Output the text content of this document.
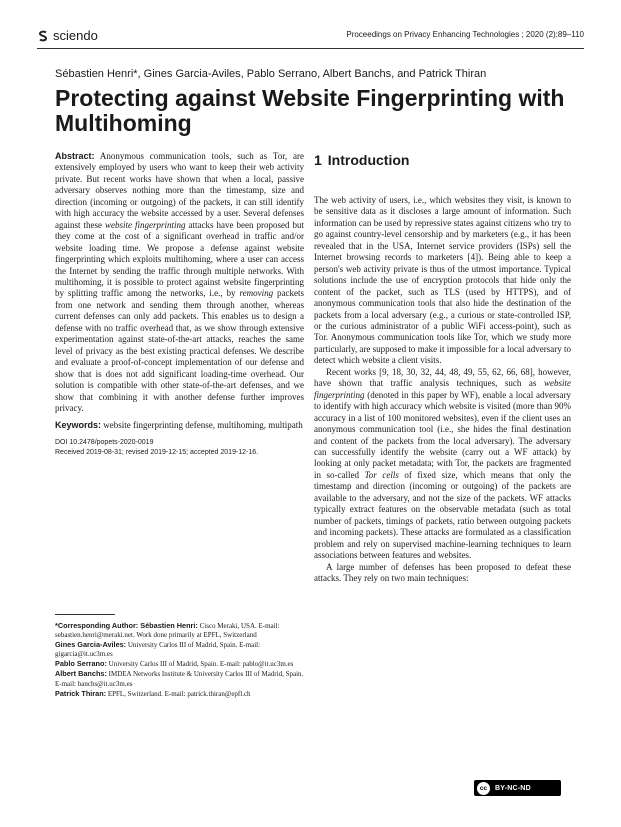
sciendo	Proceedings on Privacy Enhancing Technologies ; 2020 (2):89–110
Sébastien Henri*, Gines Garcia-Aviles, Pablo Serrano, Albert Banchs, and Patrick Thiran
Protecting against Website Fingerprinting with Multihoming

Abstract: Anonymous communication tools, such as Tor, are extensively employed by users who want to keep their web activity private. But recent works have shown that when a local, passive adversary observes nothing more than the timestamp, size and direction (incoming or outgoing) of the packets, it can still identify with high accuracy the website accessed by a user. Several defenses against these website fingerprinting attacks have been proposed but they come at the cost of a significant overhead in traffic and/or website loading time. We propose a defense against website fingerprinting which exploits multihoming, where a user can access the Internet by sending the traffic through multiple networks. With multihoming, it is possible to protect against website fingerprinting by splitting traffic among the networks, i.e., by removing packets from one network and sending them through another, whereas current defenses can only add packets. This enables us to design a defense with no traffic overhead that, as we show through extensive experimentation against state-of-the-art attacks, reaches the same level of privacy as the best existing practical defenses. We describe and evaluate a proof-of-concept implementation of our defense and show that is does not add significant loading-time overhead. Our solution is compatible with other state-of-the-art defenses, and we show that combining it with another defense further improves privacy.

Keywords: website fingerprinting defense, multihoming, multipath

DOI 10.2478/popets-2020-0019
Received 2019-08-31; revised 2019-12-15; accepted 2019-12-16.

*Corresponding Author: Sébastien Henri: Cisco Meraki, USA. E-mail: sebastien.henri@meraki.net. Work done primarily at EPFL, Switzerland

Gines Garcia-Aviles: University Carlos III of Madrid, Spain. E-mail: gigarcia@it.uc3m.es

Pablo Serrano: University Carlos III of Madrid, Spain. E-mail: pablo@it.uc3m.es

Albert Banchs: IMDEA Networks Institute & University Carlos III of Madrid, Spain. E-mail: banchs@it.uc3m.es

Patrick Thiran: EPFL, Switzerland. E-mail: patrick.thiran@epfl.ch

1 Introduction

The web activity of users, i.e., which websites they visit, is known to be sensitive data as it discloses a large amount of information. Such information can be used by repressive states against citizens who try to go against country-level censorship and by marketers (e.g., it has been revealed that in the USA, Internet service providers (ISPs) sell the Internet browsing records to marketers [4]). Being able to keep a person's web activity private is thus of the utmost importance. Typical solutions include the use of encryption protocols that hide only the content of the packet, such as TLS (used by HTTPS), and of anonymous communication tools that also hide the destination of the packets from a local adversary (e.g., a curious or state-controlled ISP, or the curious administrator of a public WiFi access-point), such as Tor. Anonymous communication tools like Tor, which we study more particularly, are supposed to make it impossible for a local adversary to detect which website a client visits.

Recent works [9, 18, 30, 32, 44, 48, 49, 55, 62, 66, 68], however, have shown that traffic analysis techniques, such as website fingerprinting (denoted in this paper by WF), enable a local adversary to identify with high accuracy which website is visited (more than 90% accuracy in a list of 100 monitored websites), even if the client uses an anonymous communication tool (i.e., she hides the final destination and content of the packets from the local adversary). The adversary can successfully identify the website (carry out a WF attack) by looking at only packet metadata; with Tor, the packets are fragmented in so-called Tor cells of fixed size, which means that only the timestamp and direction (incoming or outgoing) of the packets are available to the adversary, and not the size of the packets. WF attacks typically extract features on the observable metadata (such as total number of packets, timings of packets, ratio between outgoing packets and incoming packets). These attacks are formulated as a classification problem and rely on supervised machine-learning techniques to learn associations between features and websites.

A large number of defenses has been proposed to defeat these attacks. They rely on two main techniques:

cc	BY-NC-ND
